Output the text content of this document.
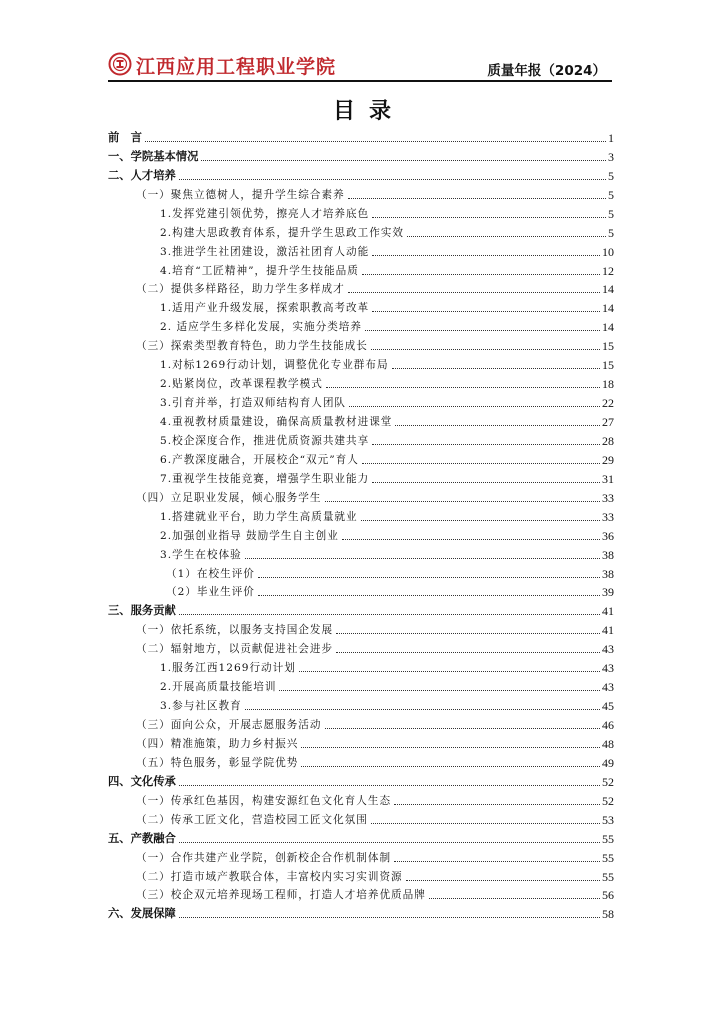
江西应用工程职业学院	质量年报（2024）
目录
前　言	1
一、学院基本情况	3
二、人才培养	5
（一）聚焦立德树人，提升学生综合素养	5
1.发挥党建引领优势，擦亮人才培养底色	5
2.构建大思政教育体系，提升学生思政工作实效	5
3.推进学生社团建设，激活社团育人动能	10
4.培育“工匠精神”，提升学生技能品质	12
（二）提供多样路径，助力学生多样成才	14
1.适用产业升级发展，探索职教高考改革	14
2. 适应学生多样化发展，实施分类培养	14
（三）探索类型教育特色，助力学生技能成长	15
1.对标1269行动计划，调整优化专业群布局	15
2.贴紧岗位，改革课程教学模式	18
3.引育并举，打造双师结构育人团队	22
4.重视教材质量建设，确保高质量教材进课堂	27
5.校企深度合作，推进优质资源共建共享	28
6.产教深度融合，开展校企“双元”育人	29
7.重视学生技能竞赛，增强学生职业能力	31
（四）立足职业发展，倾心服务学生	33
1.搭建就业平台，助力学生高质量就业	33
2.加强创业指导 鼓励学生自主创业	36
3.学生在校体验	38
（1）在校生评价	38
（2）毕业生评价	39
三、服务贡献	41
（一）依托系统，以服务支持国企发展	41
（二）辐射地方，以贡献促进社会进步	43
1.服务江西1269行动计划	43
2.开展高质量技能培训	43
3.参与社区教育	45
（三）面向公众，开展志愿服务活动	46
（四）精准施策，助力乡村振兴	48
（五）特色服务，彰显学院优势	49
四、文化传承	52
（一）传承红色基因，构建安源红色文化育人生态	52
（二）传承工匠文化，营造校园工匠文化氛围	53
五、产教融合	55
（一）合作共建产业学院，创新校企合作机制体制	55
（二）打造市域产教联合体，丰富校内实习实训资源	55
（三）校企双元培养现场工程师，打造人才培养优质品牌	56
六、发展保障	58
